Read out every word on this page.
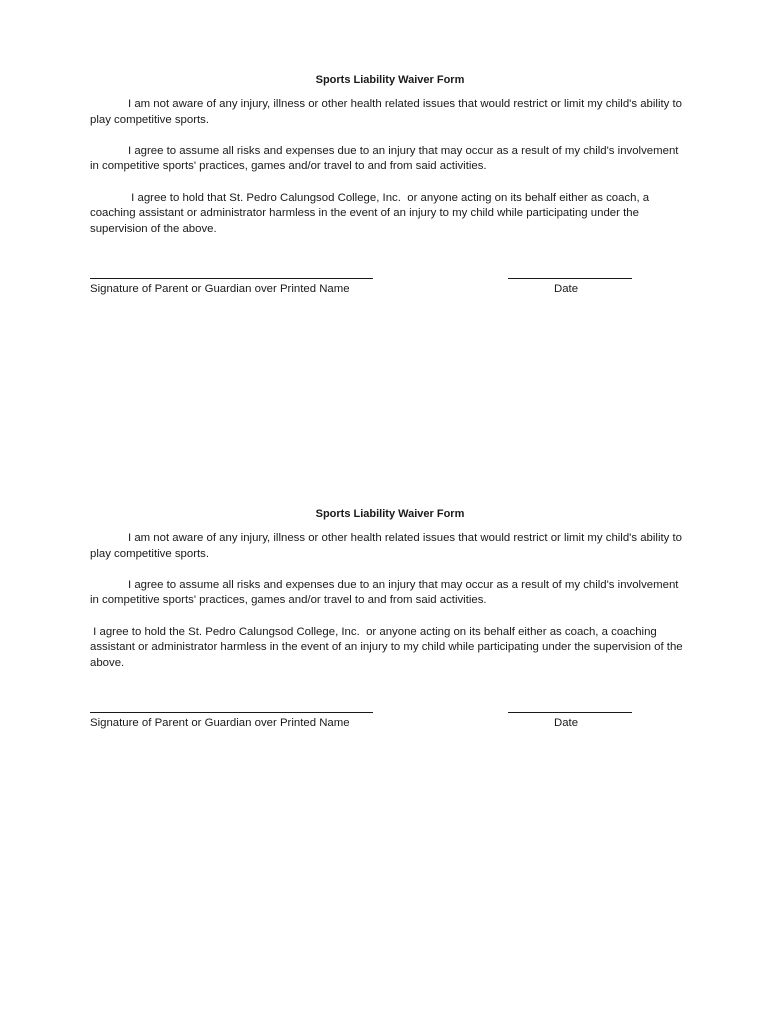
Sports Liability Waiver Form

I am not aware of any injury, illness or other health related issues that would restrict or limit my child's ability to play competitive sports.

I agree to assume all risks and expenses due to an injury that may occur as a result of my child's involvement in competitive sports' practices, games and/or travel to and from said activities.

I agree to hold that St. Pedro Calungsod College, Inc.  or anyone acting on its behalf either as coach, a coaching assistant or administrator harmless in the event of an injury to my child while participating under the supervision of the above.

Signature of Parent or Guardian over Printed Name	Date

Sports Liability Waiver Form

I am not aware of any injury, illness or other health related issues that would restrict or limit my child's ability to play competitive sports.

I agree to assume all risks and expenses due to an injury that may occur as a result of my child's involvement in competitive sports' practices, games and/or travel to and from said activities.

I agree to hold the St. Pedro Calungsod College, Inc.  or anyone acting on its behalf either as coach, a coaching assistant or administrator harmless in the event of an injury to my child while participating under the supervision of the above.

Signature of Parent or Guardian over Printed Name	Date
